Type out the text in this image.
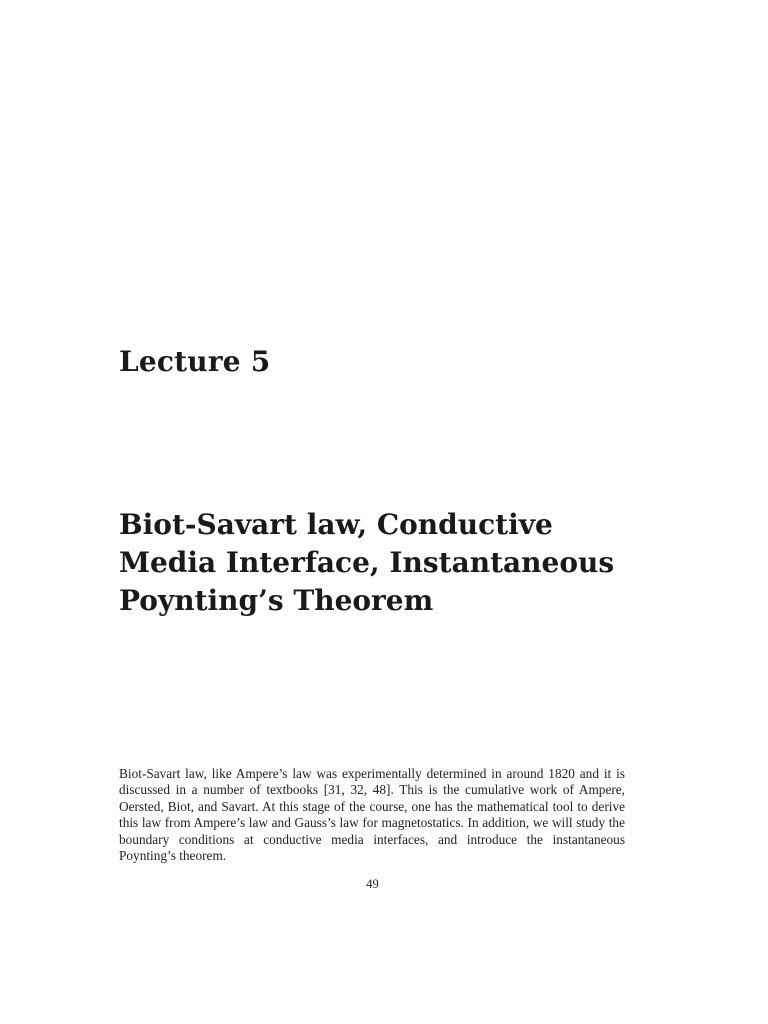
Lecture 5
Biot-Savart law, Conductive
Media Interface, Instantaneous
Poynting’s Theorem

Biot-Savart law, like Ampere’s law was experimentally determined in around 1820 and it is discussed in a number of textbooks [31, 32, 48]. This is the cumulative work of Ampere, Oersted, Biot, and Savart. At this stage of the course, one has the mathematical tool to derive this law from Ampere’s law and Gauss’s law for magnetostatics. In addition, we will study the boundary conditions at conductive media interfaces, and introduce the instantaneous Poynting’s theorem.

49
